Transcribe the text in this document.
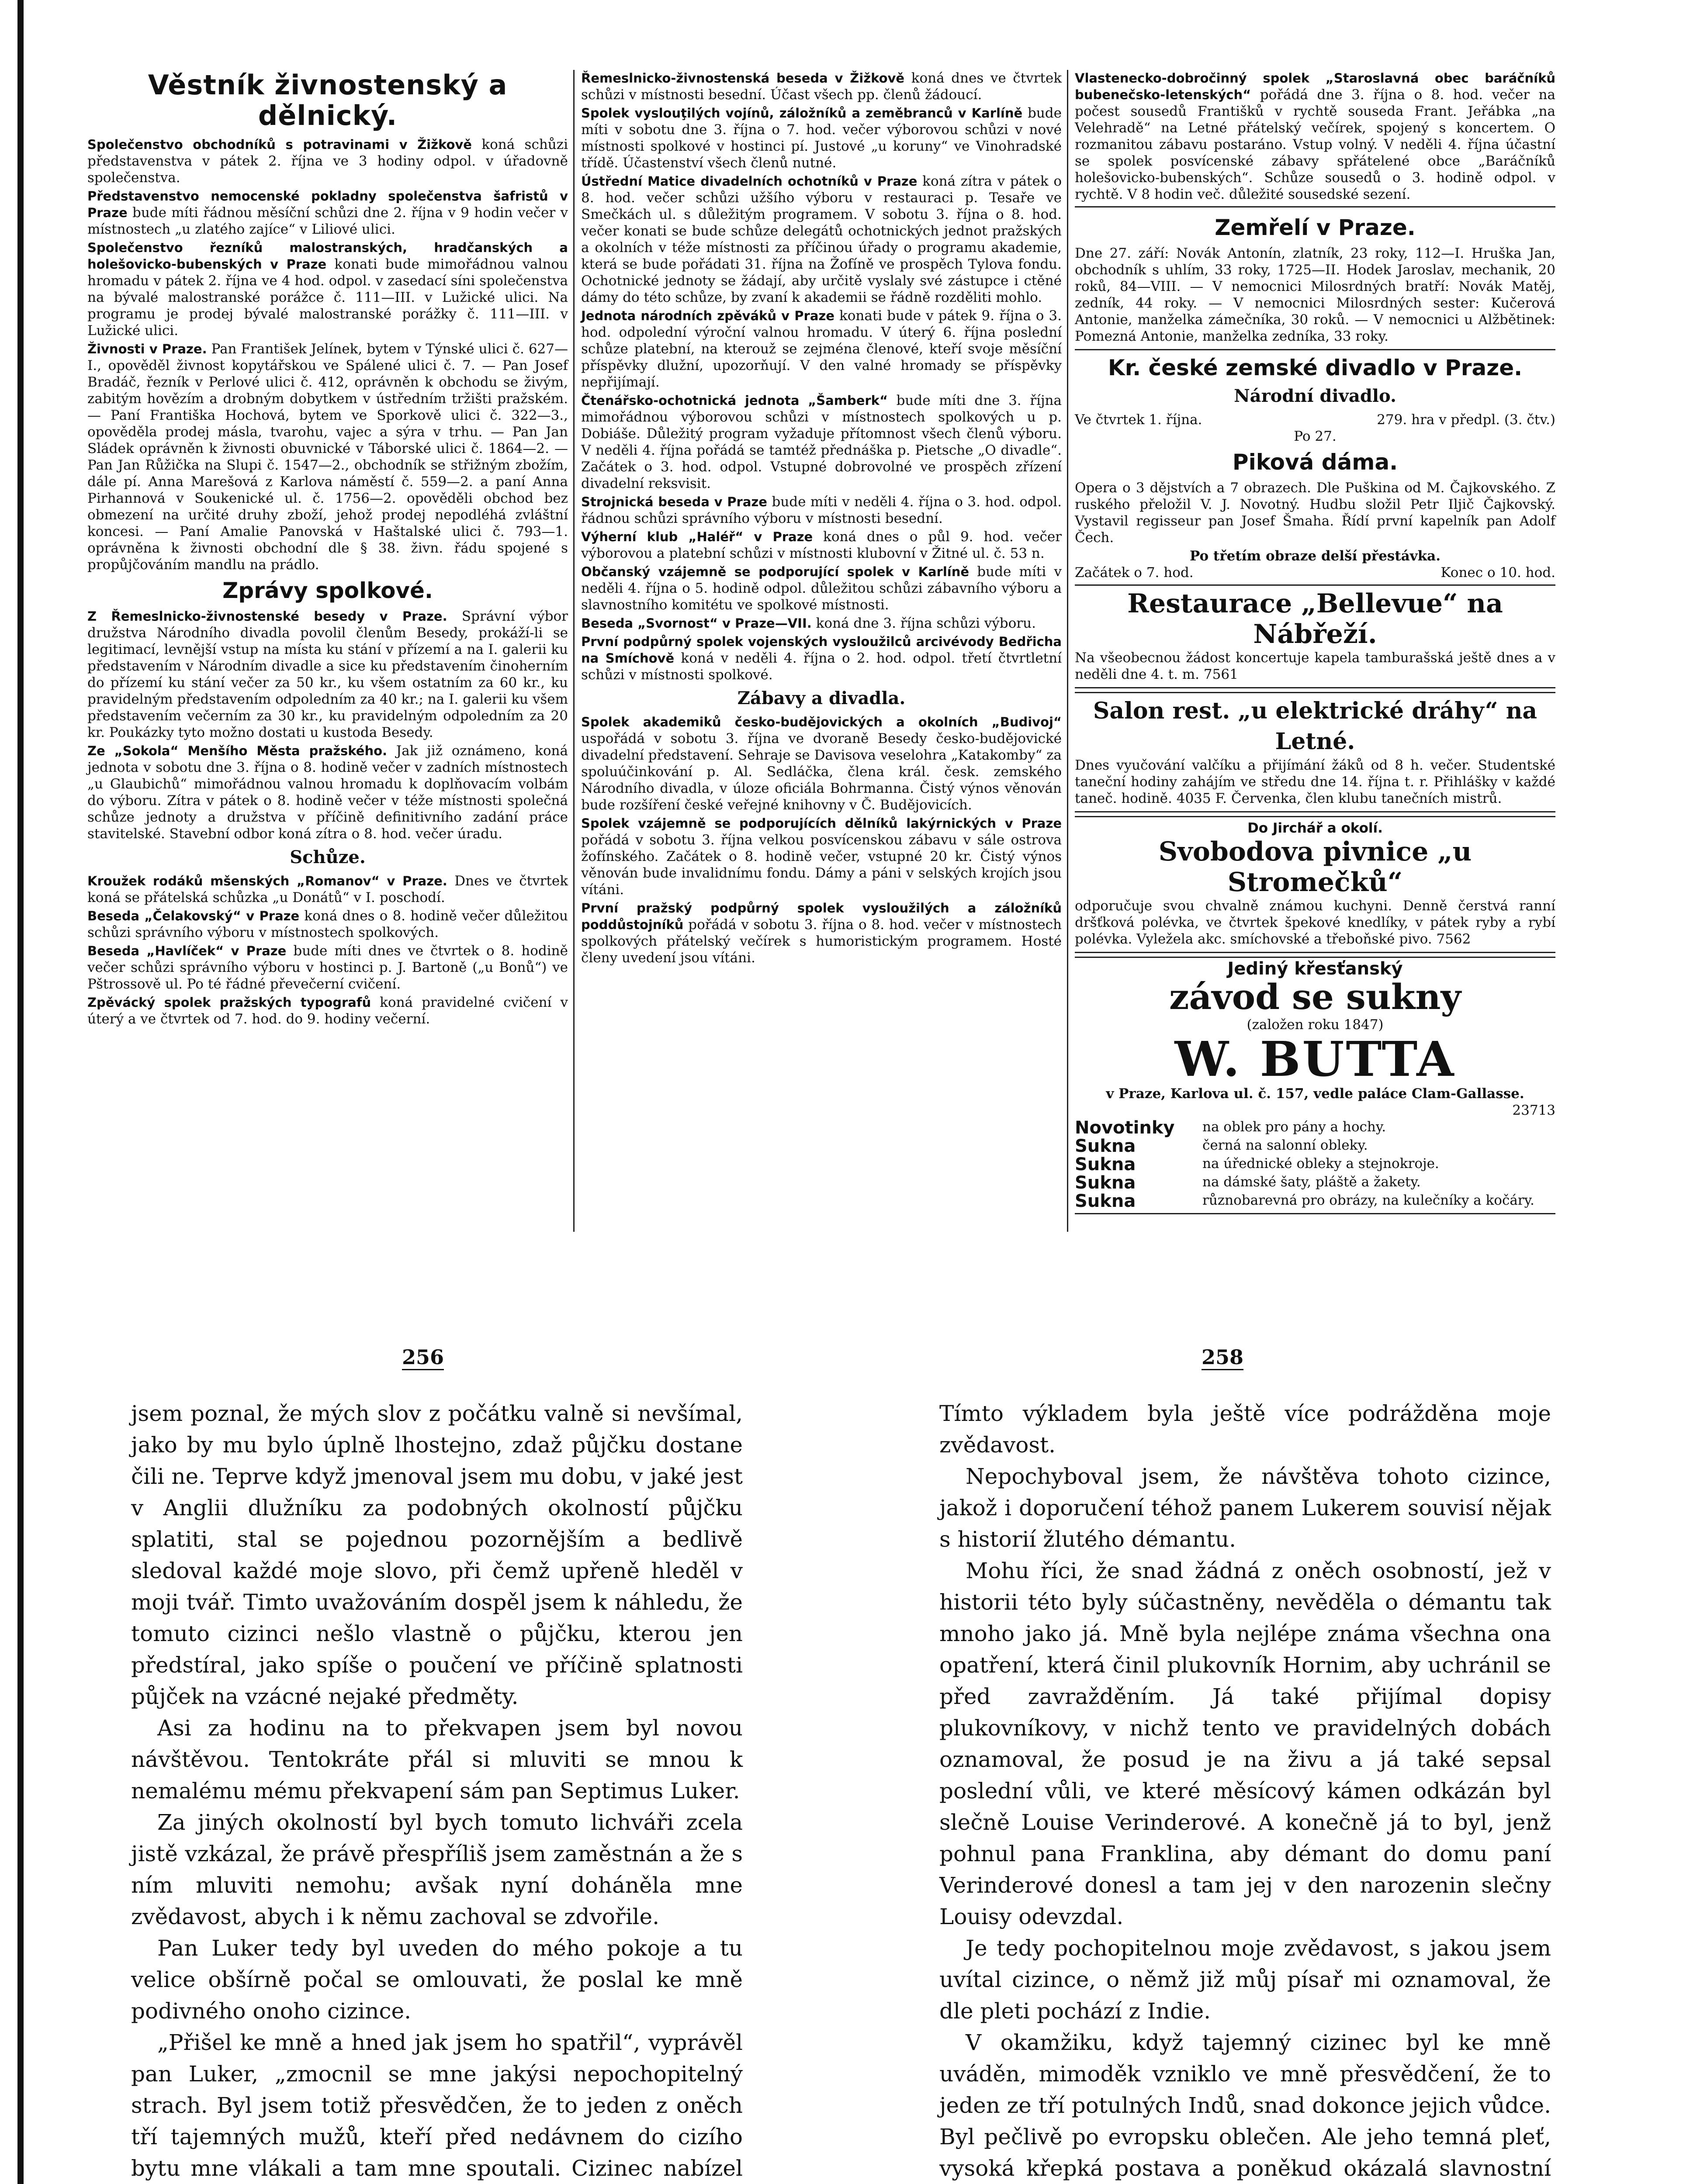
Věstník živnostenský a dělnický.

Společenstvo obchodníků s potravinami v Žižkově koná schůzi představenstva v pátek 2. října ve 3 hodiny odpol. v úřadovně společenstva.

Představenstvo nemocenské pokladny společenstva šafristů v Praze bude míti řádnou měsíční schůzi dne 2. října v 9 hodin večer v místnostech „u zlatého zajíce“ v Liliové ulici.

Společenstvo řezníků malostranských, hradčanských a holešovicko-bubenských v Praze konati bude mimořádnou valnou hromadu v pátek 2. října ve 4 hod. odpol. v zasedací síni společenstva na bývalé malostranské porážce č. 111—III. v Lužické ulici. Na programu je prodej bývalé malostranské porážky č. 111—III. v Lužické ulici.

Živnosti v Praze. Pan František Jelínek, bytem v Týnské ulici č. 627—I., opověděl živnost kopytářskou ve Spálené ulici č. 7. — Pan Josef Bradáč, řezník v Perlové ulici č. 412, oprávněn k obchodu se živým, zabitým hovězím a drobným dobytkem v ústředním tržišti pražském. — Paní Františka Hochová, bytem ve Sporkově ulici č. 322—3., opověděla prodej másla, tvarohu, vajec a sýra v trhu. — Pan Jan Sládek oprávněn k živnosti obuvnické v Táborské ulici č. 1864—2. — Pan Jan Růžička na Slupi č. 1547—2., obchodník se střižným zbožím, dále pí. Anna Marešová z Karlova náměstí č. 559—2. a paní Anna Pirhannová v Soukenické ul. č. 1756—2. opověděli obchod bez obmezení na určité druhy zboží, jehož prodej nepodléhá zvláštní koncesi. — Paní Amalie Panovská v Haštalské ulici č. 793—1. oprávněna k živnosti obchodní dle § 38. živn. řádu spojené s propůjčováním mandlu na prádlo.

Zprávy spolkové.

Z Řemeslnicko-živnostenské besedy v Praze. Správní výbor družstva Národního divadla povolil členům Besedy, prokáží-li se legitimací, levnější vstup na místa ku stání v přízemí a na I. galerii ku představením v Národním divadle a sice ku představením činoherním do přízemí ku stání večer za 50 kr., ku všem ostatním za 60 kr., ku pravidelným představením odpoledním za 40 kr.; na I. galerii ku všem představením večerním za 30 kr., ku pravidelným odpoledním za 20 kr. Poukázky tyto možno dostati u kustoda Besedy.

Ze „Sokola“ Menšího Města pražského. Jak již oznámeno, koná jednota v sobotu dne 3. října o 8. hodině večer v zadních místnostech „u Glaubichů“ mimořádnou valnou hromadu k doplňovacím volbám do výboru. Zítra v pátek o 8. hodině večer v téže místnosti společná schůze jednoty a družstva v příčině definitivního zadání práce stavitelské. Stavební odbor koná zítra o 8. hod. večer úradu.

Schůze.

Kroužek rodáků mšenských „Romanov“ v Praze. Dnes ve čtvrtek koná se přátelská schůzka „u Donátů“ v I. poschodí.

Beseda „Čelakovský“ v Praze koná dnes o 8. hodině večer důležitou schůzi správního výboru v místnostech spolkových.

Beseda „Havlíček“ v Praze bude míti dnes ve čtvrtek o 8. hodině večer schůzi správního výboru v hostinci p. J. Bartoně („u Bonů“) ve Pštrossově ul. Po té řádné převečerní cvičení.

Zpěvácký spolek pražských typografů koná pravidelné cvičení v úterý a ve čtvrtek od 7. hod. do 9. hodiny večerní.

Řemeslnicko-živnostenská beseda v Žižkově koná dnes ve čtvrtek schůzi v místnosti besední. Účast všech pp. členů žádoucí.

Spolek vyslouţilých vojínů, záložníků a zeměbranců v Karlíně bude míti v sobotu dne 3. října o 7. hod. večer výborovou schůzi v nové místnosti spolkové v hostinci pí. Justové „u koruny“ ve Vinohradské třídě. Účastenství všech členů nutné.

Ústřední Matice divadelních ochotníků v Praze koná zítra v pátek o 8. hod. večer schůzi užšího výboru v restauraci p. Tesaře ve Smečkách ul. s důležitým programem. V sobotu 3. října o 8. hod. večer konati se bude schůze delegátů ochotnických jednot pražských a okolních v téže místnosti za příčinou úřady o programu akademie, která se bude pořádati 31. října na Žofíně ve prospěch Tylova fondu. Ochotnické jednoty se žádají, aby určitě vyslaly své zástupce i ctěné dámy do této schůze, by zvaní k akademii se řádně rozděliti mohlo.

Jednota národních zpěváků v Praze konati bude v pátek 9. října o 3. hod. odpolední výroční valnou hromadu. V úterý 6. října poslední schůze platební, na kterouž se zejména členové, kteří svoje měsíční příspěvky dlužní, upozorňují. V den valné hromady se příspěvky nepřijímají.

Čtenářsko-ochotnická jednota „Šamberk“ bude míti dne 3. října mimořádnou výborovou schůzi v místnostech spolkových u p. Dobiáše. Důležitý program vyžaduje přítomnost všech členů výboru. V neděli 4. října pořádá se tamtéž přednáška p. Pietsche „O divadle“. Začátek o 3. hod. odpol. Vstupné dobrovolné ve prospěch zřízení divadelní reksvisit.

Strojnická beseda v Praze bude míti v neděli 4. října o 3. hod. odpol. řádnou schůzi správního výboru v místnosti besední.

Výherní klub „Haléř“ v Praze koná dnes o půl 9. hod. večer výborovou a platební schůzi v místnosti klubovní v Žitné ul. č. 53 n.

Občanský vzájemně se podporující spolek v Karlíně bude míti v neděli 4. října o 5. hodině odpol. důležitou schůzi zábavního výboru a slavnostního komitétu ve spolkové místnosti.

Beseda „Svornost“ v Praze—VII. koná dne 3. října schůzi výboru.

První podpůrný spolek vojenských vysloužilců arcivévody Bedřicha na Smíchově koná v neděli 4. října o 2. hod. odpol. třetí čtvrtletní schůzi v místnosti spolkové.

Zábavy a divadla.

Spolek akademiků česko-budějovických a okolních „Budivoj“ uspořádá v sobotu 3. října ve dvoraně Besedy česko-budějovické divadelní představení. Sehraje se Davisova veselohra „Katakomby“ za spoluúčinkování p. Al. Sedláčka, člena král. česk. zemského Národního divadla, v úloze oficiála Bohrmanna. Čistý výnos věnován bude rozšíření české veřejné knihovny v Č. Budějovicích.

Spolek vzájemně se podporujících dělníků lakýrnických v Praze pořádá v sobotu 3. října velkou posvícenskou zábavu v sále ostrova žofínského. Začátek o 8. hodině večer, vstupné 20 kr. Čistý výnos věnován bude invalidnímu fondu. Dámy a páni v selských krojích jsou vítáni.

První pražský podpůrný spolek vysloužilých a záložníků poddůstojníků pořádá v sobotu 3. října o 8. hod. večer v místnostech spolkových přátelský večírek s humoristickým programem. Hosté členy uvedení jsou vítáni.

Vlastenecko-dobročinný spolek „Staroslavná obec baráčníků bubenečsko-letenských“ pořádá dne 3. října o 8. hod. večer na počest sousedů Františků v rychtě souseda Frant. Jeřábka „na Velehradě“ na Letné přátelský večírek, spojený s koncertem. O rozmanitou zábavu postaráno. Vstup volný. V neděli 4. října účastní se spolek posvícenské zábavy spřátelené obce „Baráčníků holešovicko-bubenských“. Schůze sousedů o 3. hodině odpol. v rychtě. V 8 hodin več. důležité sousedské sezení.

Zemřelí v Praze.

Dne 27. září: Novák Antonín, zlatník, 23 roky, 112—I. Hruška Jan, obchodník s uhlím, 33 roky, 1725—II. Hodek Jaroslav, mechanik, 20 roků, 84—VIII. — V nemocnici Milosrdných bratří: Novák Matěj, zedník, 44 roky. — V nemocnici Milosrdných sester: Kučerová Antonie, manželka zámečníka, 30 roků. — V nemocnici u Alžbětinek: Pomezná Antonie, manželka zedníka, 33 roky.

Kr. české zemské divadlo v Praze.
Národní divadlo.
Ve čtvrtek 1. října.	279. hra v předpl. (3. čtv.)
Po 27.
Piková dáma.

Opera o 3 dějstvích a 7 obrazech. Dle Puškina od M. Čajkovského. Z ruského přeložil V. J. Novotný. Hudbu složil Petr Iljič Čajkovský. Vystavil regisseur pan Josef Šmaha. Řídí první kapelník pan Adolf Čech.

Po třetím obraze delší přestávka.
Začátek o 7. hod.	Konec o 10. hod.
Restaurace „Bellevue“ na Nábřeží.

Na všeobecnou žádost koncertuje kapela tamburašská ještě dnes a v neděli dne 4. t. m. 7561

Salon rest. „u elektrické dráhy“ na Letné.

Dnes vyučování valčíku a přijímání žáků od 8 h. večer. Studentské taneční hodiny zahájím ve středu dne 14. října t. r. Přihlášky v každé taneč. hodině. 4035 F. Červenka, člen klubu tanečních mistrů.

Do Jirchář a okolí.
Svobodova pivnice „u Stromečků“

odporučuje svou chvalně známou kuchyni. Denně čerstvá ranní dršťková polévka, ve čtvrtek špekové knedlíky, v pátek ryby a rybí polévka. Vyležela akc. smíchovské a třeboňské pivo. 7562

Jediný křesťanský
závod se sukny
(založen roku 1847)
W. BUTTA
v Praze, Karlova ul. č. 157, vedle paláce Clam-Gallasse.
23713
Novotinky	na oblek pro pány a hochy.
Sukna	černá na salonní obleky.
Sukna	na úřednické obleky a stejnokroje.
Sukna	na dámské šaty, pláště a žakety.
Sukna	různobarevná pro obrázy, na kulečníky a kočáry.
256	258

jsem poznal, že mých slov z počátku valně si nevšímal, jako by mu bylo úplně lhostejno, zdaž půjčku dostane čili ne. Teprve když jmenoval jsem mu dobu, v jaké jest v Anglii dlužníku za podobných okolností půjčku splatiti, stal se pojednou pozornějším a bedlivě sledoval každé moje slovo, při čemž upřeně hleděl v moji tvář. Timto uvažováním dospěl jsem k náhledu, že tomuto cizinci nešlo vlastně o půjčku, kterou jen předstíral, jako spíše o poučení ve příčině splatnosti půjček na vzácné nejaké předměty.

Asi za hodinu na to překvapen jsem byl novou návštěvou. Tentokráte přál si mluviti se mnou k nemalému mému překvapení sám pan Septimus Luker.

Za jiných okolností byl bych tomuto lichváři zcela jistě vzkázal, že právě přespříliš jsem zaměstnán a že s ním mluviti nemohu; avšak nyní doháněla mne zvědavost, abych i k němu zachoval se zdvořile.

Pan Luker tedy byl uveden do mého pokoje a tu velice obšírně počal se omlouvati, že poslal ke mně podivného onoho cizince.

„Přišel ke mně a hned jak jsem ho spatřil“, vyprávěl pan Luker, „zmocnil se mne jakýsi nepochopitelný strach. Byl jsem totiž přesvědčen, že to jeden z oněch tří tajemných mužů, kteří před nedávnem do cizího bytu mne vlákali a tam mne spoutali. Cizinec nabízel

Tímto výkladem byla ještě více podrážděna moje zvědavost.

Nepochyboval jsem, že návštěva tohoto cizince, jakož i doporučení téhož panem Lukerem souvisí nějak s historií žlutého démantu.

Mohu říci, že snad žádná z oněch osobností, jež v historii této byly súčastněny, nevěděla o démantu tak mnoho jako já. Mně byla nejlépe známa všechna ona opatření, která činil plukovník Hornim, aby uchránil se před zavražděním. Já také přijímal dopisy plukovníkovy, v nichž tento ve pravidelných dobách oznamoval, že posud je na živu a já také sepsal poslední vůli, ve které měsícový kámen odkázán byl slečně Louise Verinderové. A konečně já to byl, jenž pohnul pana Franklina, aby démant do domu paní Verinderové donesl a tam jej v den narozenin slečny Louisy odevzdal.

Je tedy pochopitelnou moje zvědavost, s jakou jsem uvítal cizince, o němž již můj písař mi oznamoval, že dle pleti pochází z Indie.

V okamžiku, když tajemný cizinec byl ke mně uváděn, mimoděk vzniklo ve mně přesvědčení, že to jeden ze tří potulných Indů, snad dokonce jejich vůdce. Byl pečlivě po evropsku oblečen. Ale jeho temná pleť, vysoká křepká postava a poněkud okázalá slavnostní
